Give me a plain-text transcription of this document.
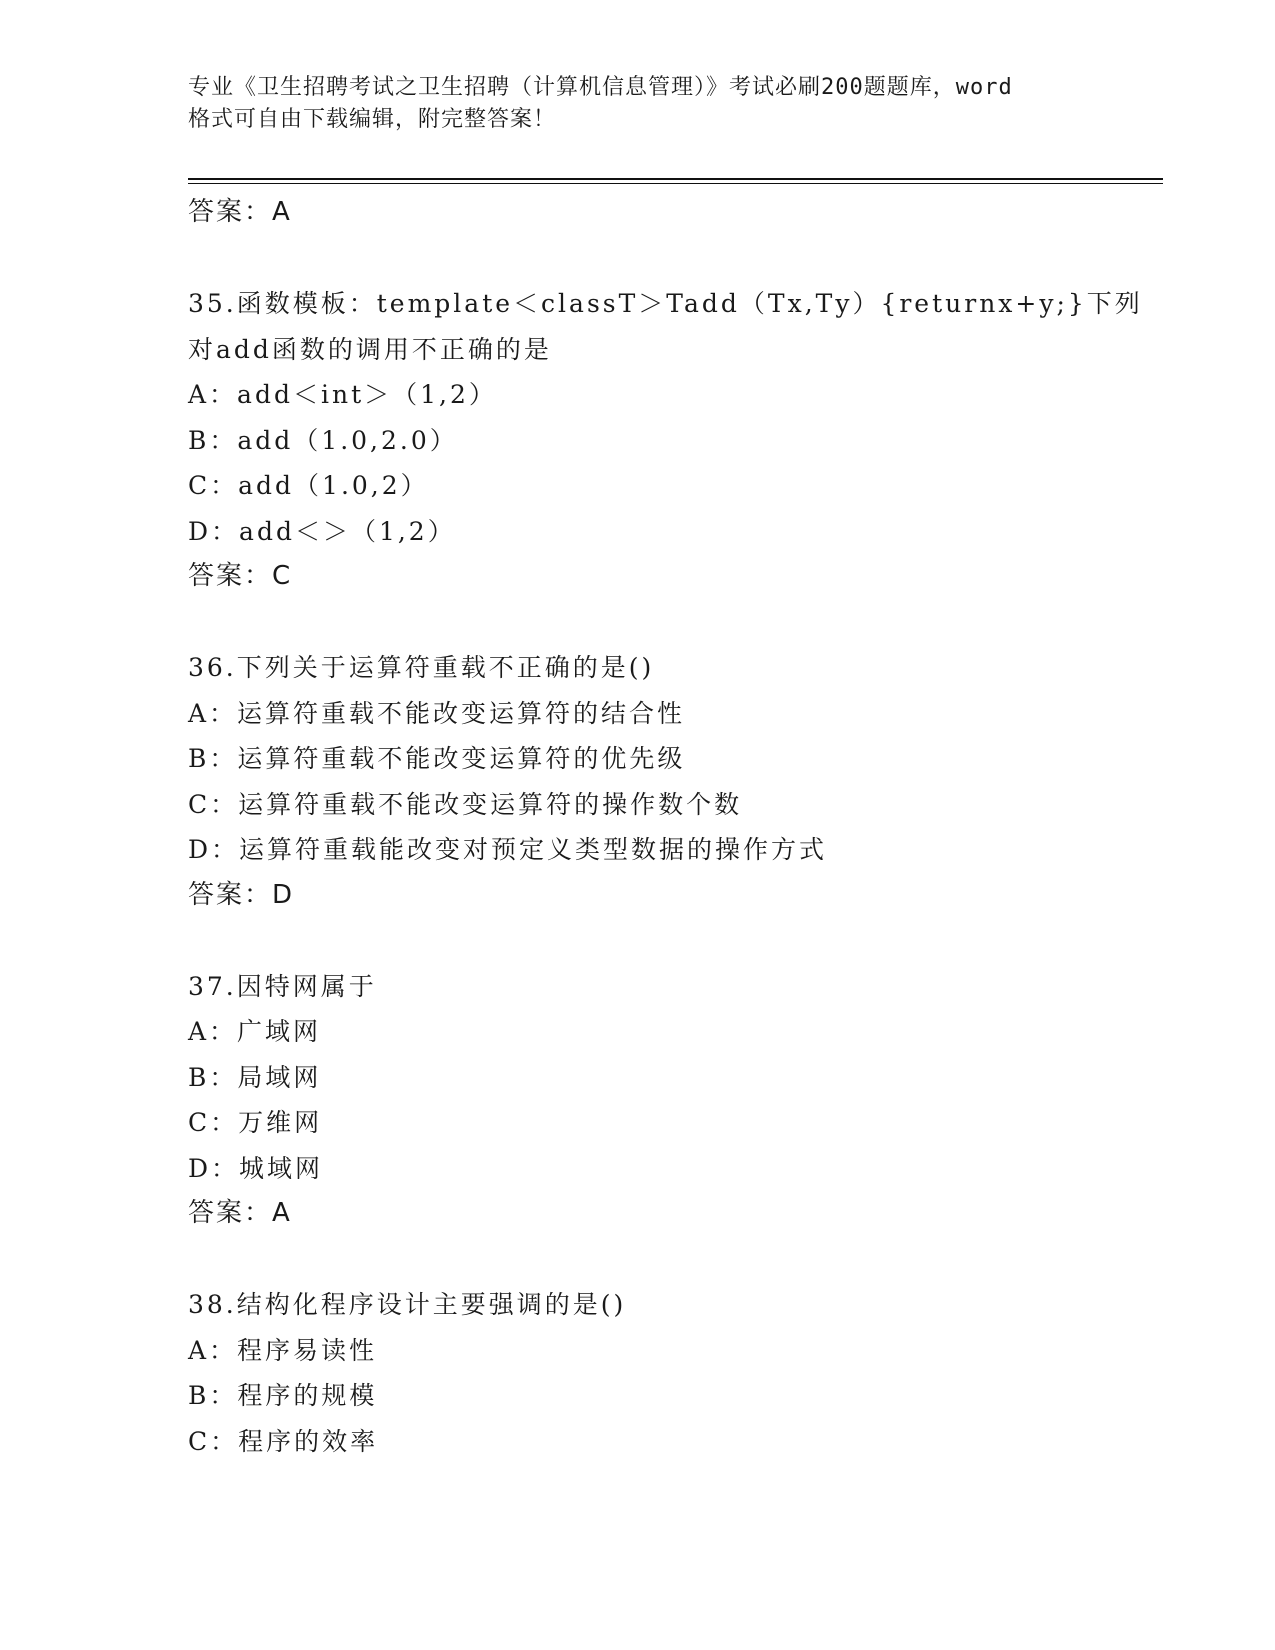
专业《卫生招聘考试之卫生招聘（计算机信息管理）》考试必刷200题题库，word
格式可自由下载编辑，附完整答案！
答案：A
35.函数模板：template＜classT＞Tadd（Tx,Ty）{returnx+y;}下列
对add函数的调用不正确的是
A：add＜int＞（1,2）
B：add（1.0,2.0）
C：add（1.0,2）
D：add＜＞（1,2）
答案：C
36.下列关于运算符重载不正确的是()
A：运算符重载不能改变运算符的结合性
B：运算符重载不能改变运算符的优先级
C：运算符重载不能改变运算符的操作数个数
D：运算符重载能改变对预定义类型数据的操作方式
答案：D
37.因特网属于
A：广域网
B：局域网
C：万维网
D：城域网
答案：A
38.结构化程序设计主要强调的是()
A：程序易读性
B：程序的规模
C：程序的效率
